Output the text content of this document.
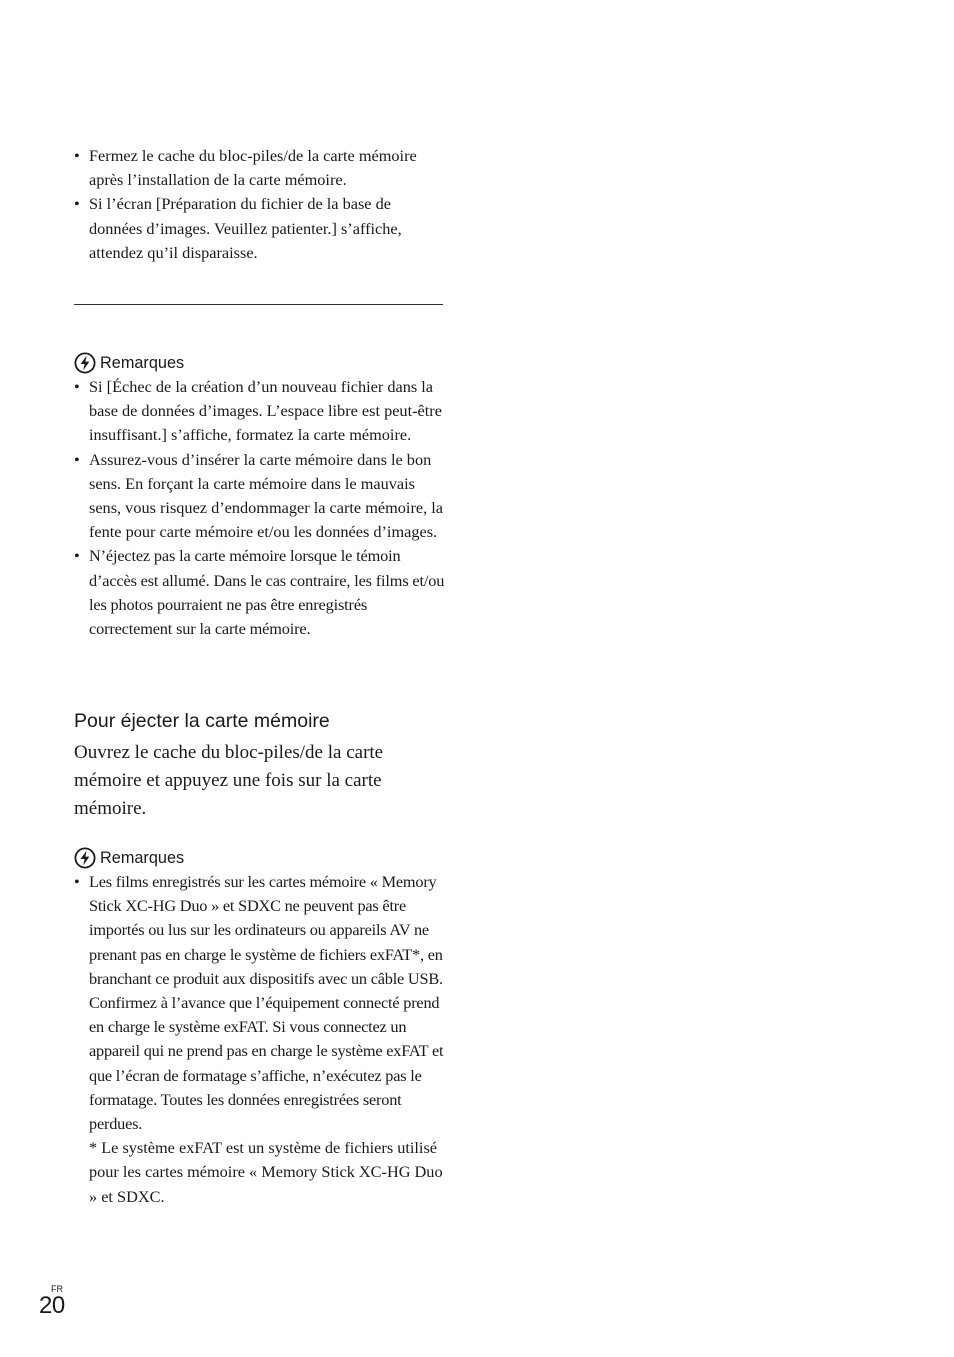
• Fermez le cache du bloc-piles/de la carte mémoire après l’installation de la carte mémoire.
• Si l’écran [Préparation du fichier de la base de données d’images. Veuillez patienter.] s’affiche, attendez qu’il disparaisse.
Remarques
• Si [Échec de la création d’un nouveau fichier dans la base de données d’images. L’espace libre est peut-être insuffisant.] s’affiche, formatez la carte mémoire.
• Assurez-vous d’insérer la carte mémoire dans le bon sens. En forçant la carte mémoire dans le mauvais sens, vous risquez d’endommager la carte mémoire, la fente pour carte mémoire et/ou les données d’images.
• N’éjectez pas la carte mémoire lorsque le témoin d’accès est allumé. Dans le cas contraire, les films et/ou les photos pourraient ne pas être enregistrés correctement sur la carte mémoire.
Pour éjecter la carte mémoire

Ouvrez le cache du bloc-piles/de la carte mémoire et appuyez une fois sur la carte mémoire.

Remarques
• Les films enregistrés sur les cartes mémoire « Memory Stick XC-HG Duo » et SDXC ne peuvent pas être importés ou lus sur les ordinateurs ou appareils AV ne prenant pas en charge le système de fichiers exFAT*, en branchant ce produit aux dispositifs avec un câble USB. Confirmez à l’avance que l’équipement connecté prend en charge le système exFAT. Si vous connectez un appareil qui ne prend pas en charge le système exFAT et que l’écran de formatage s’affiche, n’exécutez pas le formatage. Toutes les données enregistrées seront perdues.
* Le système exFAT est un système de fichiers utilisé pour les cartes mémoire « Memory Stick XC-HG Duo » et SDXC.
FR
20
